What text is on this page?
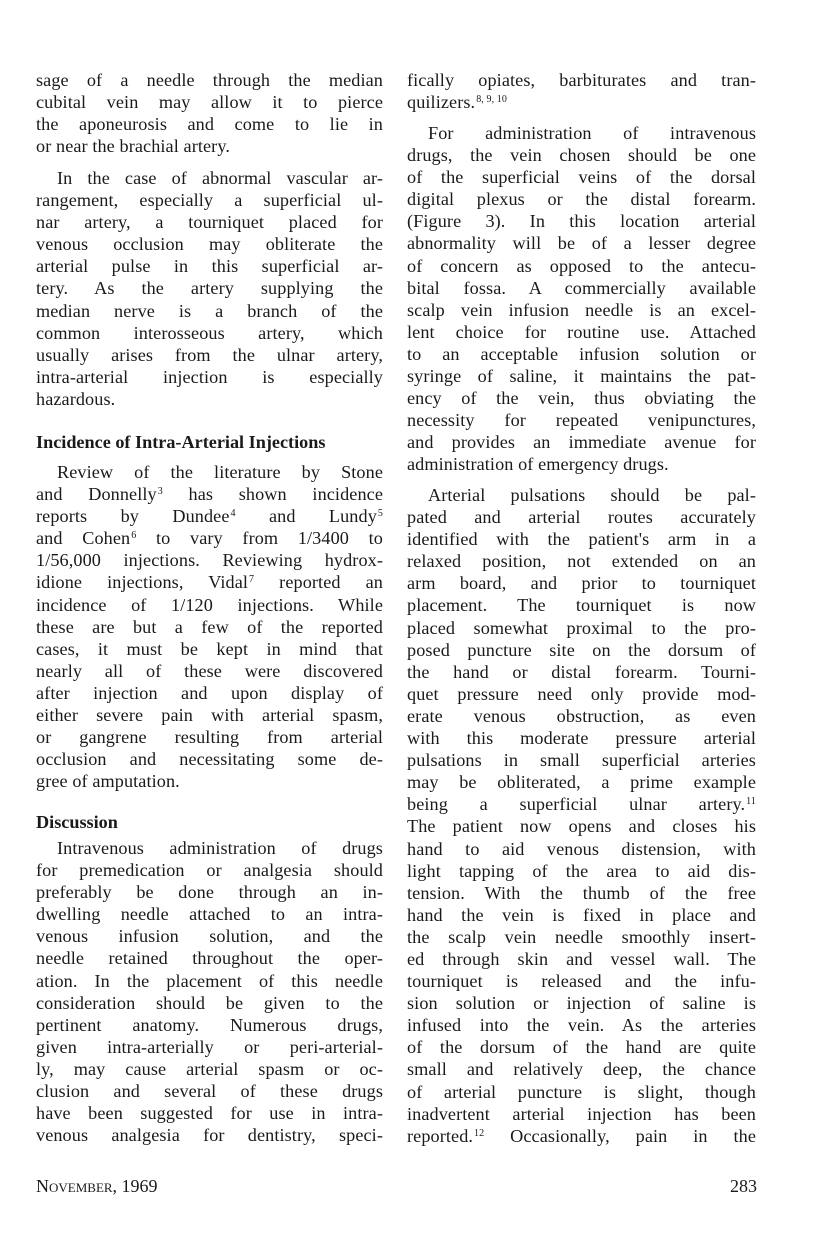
sage of a needle through the median
cubital vein may allow it to pierce
the aponeurosis and come to lie in
or near the brachial artery.
In the case of abnormal vascular ar-
rangement, especially a superficial ul-
nar artery, a tourniquet placed for
venous occlusion may obliterate the
arterial pulse in this superficial ar-
tery. As the artery supplying the
median nerve is a branch of the
common interosseous artery, which
usually arises from the ulnar artery,
intra-arterial injection is especially
hazardous.
Incidence of Intra-Arterial Injections
Review of the literature by Stone
and Donnelly$^3$ has shown incidence
reports by Dundee$^4$ and Lundy$^5$
and Cohen$^6$ to vary from 1/3400 to
1/56,000 injections. Reviewing hydrox-
idione injections, Vidal$^7$ reported an
incidence of 1/120 injections. While
these are but a few of the reported
cases, it must be kept in mind that
nearly all of these were discovered
after injection and upon display of
either severe pain with arterial spasm,
or gangrene resulting from arterial
occlusion and necessitating some de-
gree of amputation.
Discussion
Intravenous administration of drugs
for premedication or analgesia should
preferably be done through an in-
dwelling needle attached to an intra-
venous infusion solution, and the
needle retained throughout the oper-
ation. In the placement of this needle
consideration should be given to the
pertinent anatomy. Numerous drugs,
given intra-arterially or peri-arterial-
ly, may cause arterial spasm or oc-
clusion and several of these drugs
have been suggested for use in intra-
venous analgesia for dentistry, speci-
fically opiates, barbiturates and tran-
quilizers.$^{8, 9, 10}$
For administration of intravenous
drugs, the vein chosen should be one
of the superficial veins of the dorsal
digital plexus or the distal forearm.
(Figure 3). In this location arterial
abnormality will be of a lesser degree
of concern as opposed to the antecu-
bital fossa. A commercially available
scalp vein infusion needle is an excel-
lent choice for routine use. Attached
to an acceptable infusion solution or
syringe of saline, it maintains the pat-
ency of the vein, thus obviating the
necessity for repeated venipunctures,
and provides an immediate avenue for
administration of emergency drugs.
Arterial pulsations should be pal-
pated and arterial routes accurately
identified with the patient's arm in a
relaxed position, not extended on an
arm board, and prior to tourniquet
placement. The tourniquet is now
placed somewhat proximal to the pro-
posed puncture site on the dorsum of
the hand or distal forearm. Tourni-
quet pressure need only provide mod-
erate venous obstruction, as even
with this moderate pressure arterial
pulsations in small superficial arteries
may be obliterated, a prime example
being a superficial ulnar artery.$^{11}$
The patient now opens and closes his
hand to aid venous distension, with
light tapping of the area to aid dis-
tension. With the thumb of the free
hand the vein is fixed in place and
the scalp vein needle smoothly insert-
ed through skin and vessel wall. The
tourniquet is released and the infu-
sion solution or injection of saline is
infused into the vein. As the arteries
of the dorsum of the hand are quite
small and relatively deep, the chance
of arterial puncture is slight, though
inadvertent arterial injection has been
reported.$^{12}$ Occasionally, pain in the
November, 1969	283
